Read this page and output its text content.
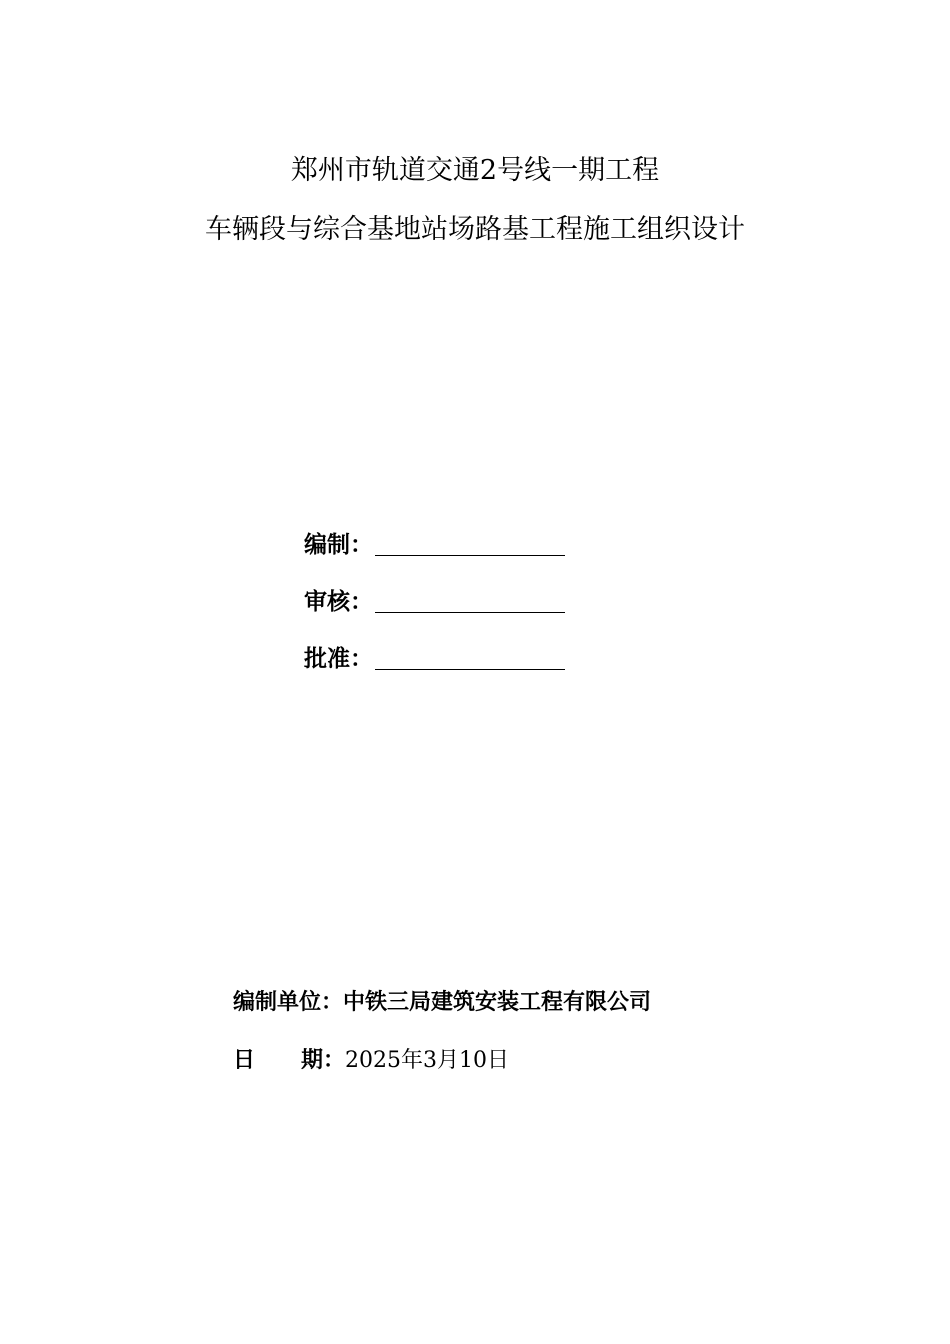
郑州市轨道交通2号线一期工程
车辆段与综合基地站场路基工程施工组织设计
编制：
审核：
批准：
编制单位：中铁三局建筑安装工程有限公司
日 期：2025年3月10日
